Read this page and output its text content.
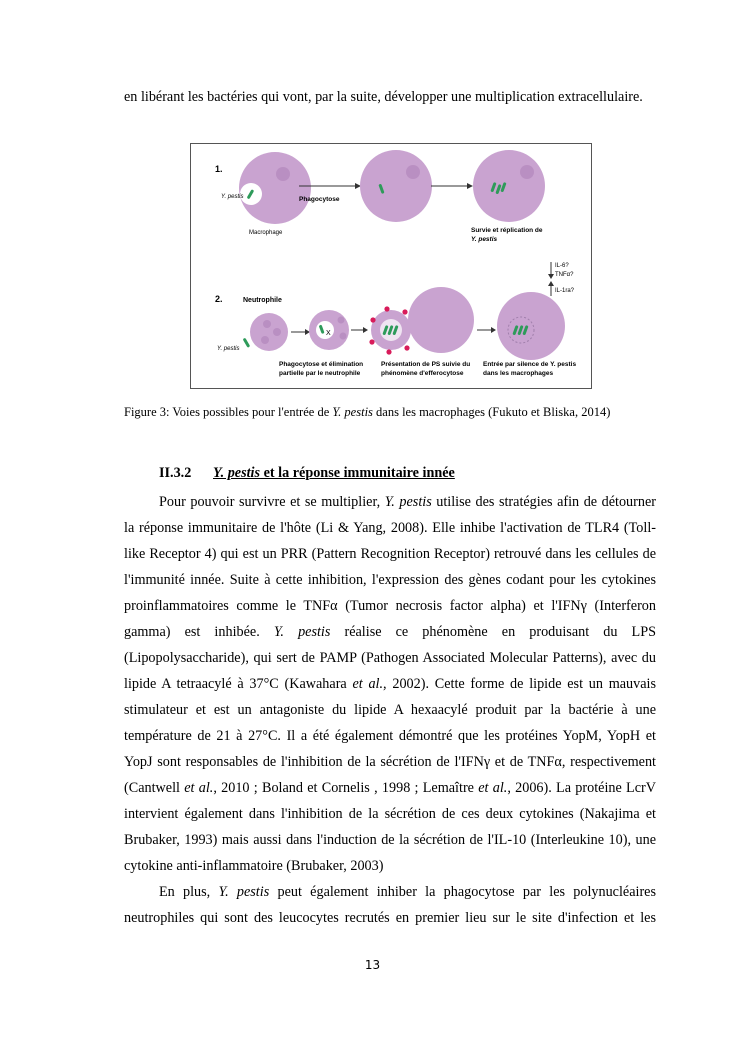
en libérant les bactéries qui vont, par la suite, développer une multiplication extracellulaire.

1.
Y. pestis
Macrophage
Phagocytose
Survie et réplication de
Y. pestis
2.	Neutrophile
Y. pestis
X
IL-6?
TNFα?
IL-1ra?
Phagocytose et élimination
partielle par le neutrophile
Présentation de PS suivie du
phénomène d'efferocytose
Entrée par silence de Y. pestis
dans les macrophages

Figure 3: Voies possibles pour l'entrée de Y. pestis dans les macrophages (Fukuto et Bliska, 2014)

II.3.2 Y. pestis et la réponse immunitaire innée

Pour pouvoir survivre et se multiplier, Y. pestis utilise des stratégies afin de détourner la réponse immunitaire de l'hôte (Li & Yang, 2008). Elle inhibe l'activation de TLR4 (Toll-like Receptor 4) qui est un PRR (Pattern Recognition Receptor) retrouvé dans les cellules de l'immunité innée. Suite à cette inhibition, l'expression des gènes codant pour les cytokines proinflammatoires comme le TNFα (Tumor necrosis factor alpha) et l'IFNγ (Interferon gamma) est inhibée. Y. pestis réalise ce phénomène en produisant du LPS (Lipopolysaccharide), qui sert de PAMP (Pathogen Associated Molecular Patterns), avec du lipide A tetraacylé à 37°C (Kawahara et al., 2002). Cette forme de lipide est un mauvais stimulateur et est un antagoniste du lipide A hexaacylé produit par la bactérie à une température de 21 à 27°C. Il a été également démontré que les protéines YopM, YopH et YopJ sont responsables de l'inhibition de la sécrétion de l'IFNγ et de TNFα, respectivement (Cantwell et al., 2010 ; Boland et Cornelis , 1998 ; Lemaître et al., 2006). La protéine LcrV intervient également dans l'inhibition de la sécrétion de ces deux cytokines (Nakajima et Brubaker, 1993) mais aussi dans l'induction de la sécrétion de l'IL-10 (Interleukine 10), une cytokine anti-inflammatoire (Brubaker, 2003)

En plus, Y. pestis peut également inhiber la phagocytose par les polynucléaires neutrophiles qui sont des leucocytes recrutés en premier lieu sur le site d'infection et les

13
